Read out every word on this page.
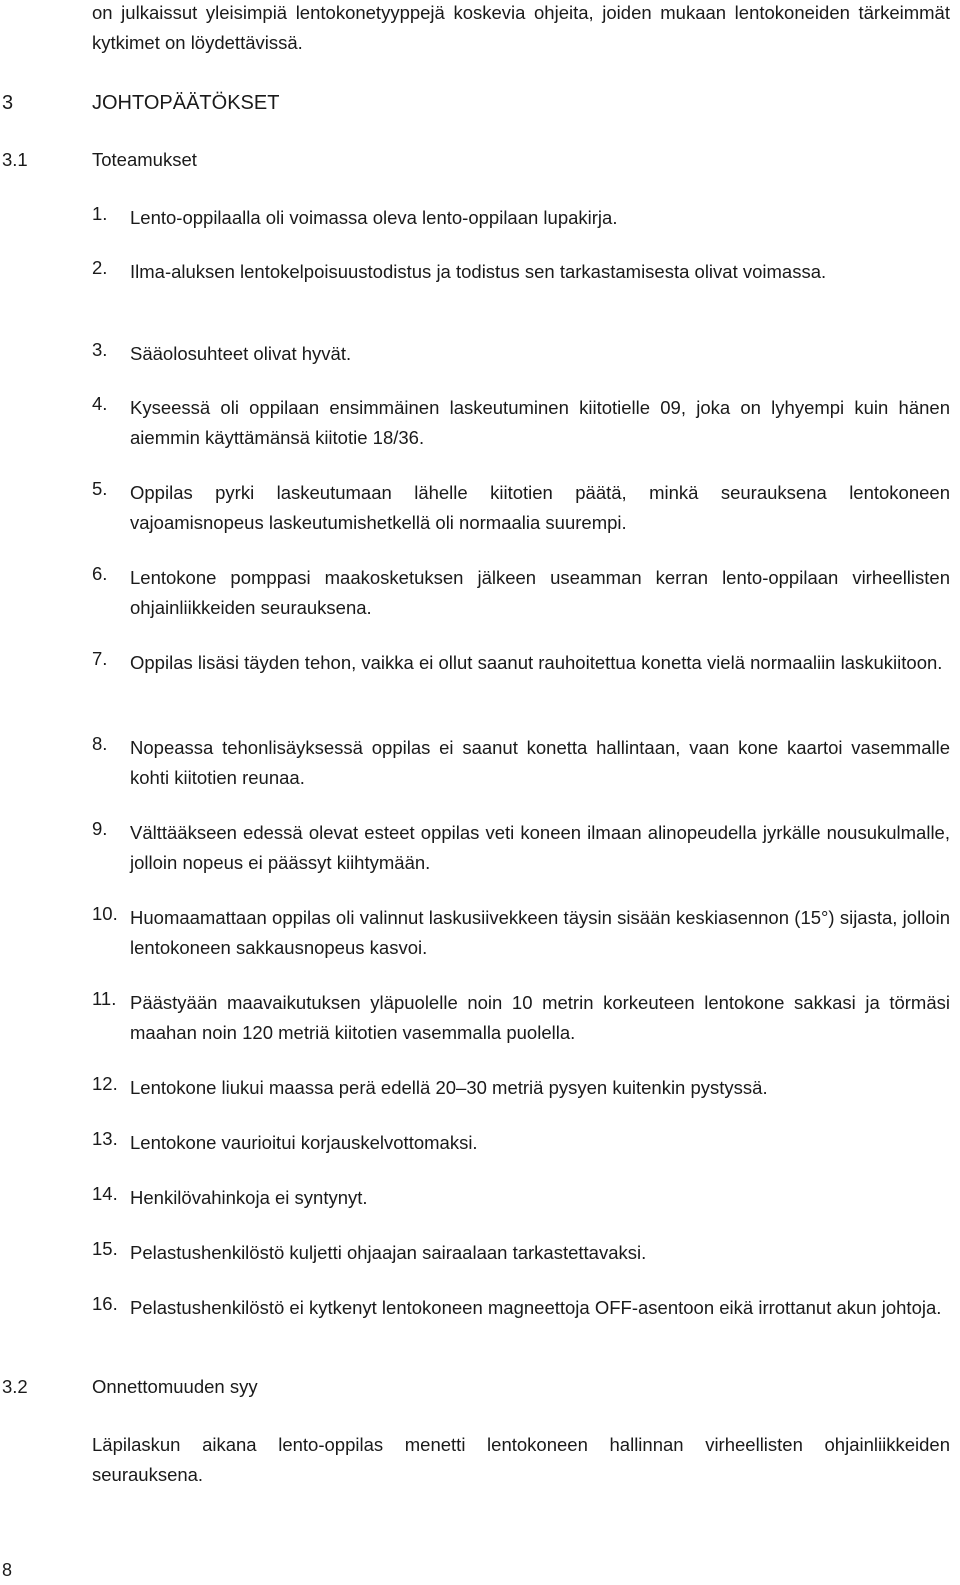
on julkaissut yleisimpiä lentokonetyyppejä koskevia ohjeita, joiden mukaan lentokoneiden tärkeimmät kytkimet on löydettävissä.
3	JOHTOPÄÄTÖKSET
3.1	Toteamukset
1. Lento-oppilaalla oli voimassa oleva lento-oppilaan lupakirja.
2. Ilma-aluksen lentokelpoisuustodistus ja todistus sen tarkastamisesta olivat voimassa.
3. Sääolosuhteet olivat hyvät.
4. Kyseessä oli oppilaan ensimmäinen laskeutuminen kiitotielle 09, joka on lyhyempi kuin hänen aiemmin käyttämänsä kiitotie 18/36.
5. Oppilas pyrki laskeutumaan lähelle kiitotien päätä, minkä seurauksena lentokoneen vajoamisnopeus laskeutumishetkellä oli normaalia suurempi.
6. Lentokone pomppasi maakosketuksen jälkeen useamman kerran lento-oppilaan virheellisten ohjainliikkeiden seurauksena.
7. Oppilas lisäsi täyden tehon, vaikka ei ollut saanut rauhoitettua konetta vielä normaaliin laskukiitoon.
8. Nopeassa tehonlisäyksessä oppilas ei saanut konetta hallintaan, vaan kone kaartoi vasemmalle kohti kiitotien reunaa.
9. Välttääkseen edessä olevat esteet oppilas veti koneen ilmaan alinopeudella jyrkälle nousukulmalle, jolloin nopeus ei päässyt kiihtymään.
10. Huomaamattaan oppilas oli valinnut laskusiivekkeen täysin sisään keskiasennon (15°) sijasta, jolloin lentokoneen sakkausnopeus kasvoi.
11. Päästyään maavaikutuksen yläpuolelle noin 10 metrin korkeuteen lentokone sakkasi ja törmäsi maahan noin 120 metriä kiitotien vasemmalla puolella.
12. Lentokone liukui maassa perä edellä 20–30 metriä pysyen kuitenkin pystyssä.
13. Lentokone vaurioitui korjauskelvottomaksi.
14. Henkilövahinkoja ei syntynyt.
15. Pelastushenkilöstö kuljetti ohjaajan sairaalaan tarkastettavaksi.
16. Pelastushenkilöstö ei kytkenyt lentokoneen magneettoja OFF-asentoon eikä irrottanut akun johtoja.
3.2	Onnettomuuden syy
Läpilaskun aikana lento-oppilas menetti lentokoneen hallinnan virheellisten ohjainliikkeiden seurauksena.
8
